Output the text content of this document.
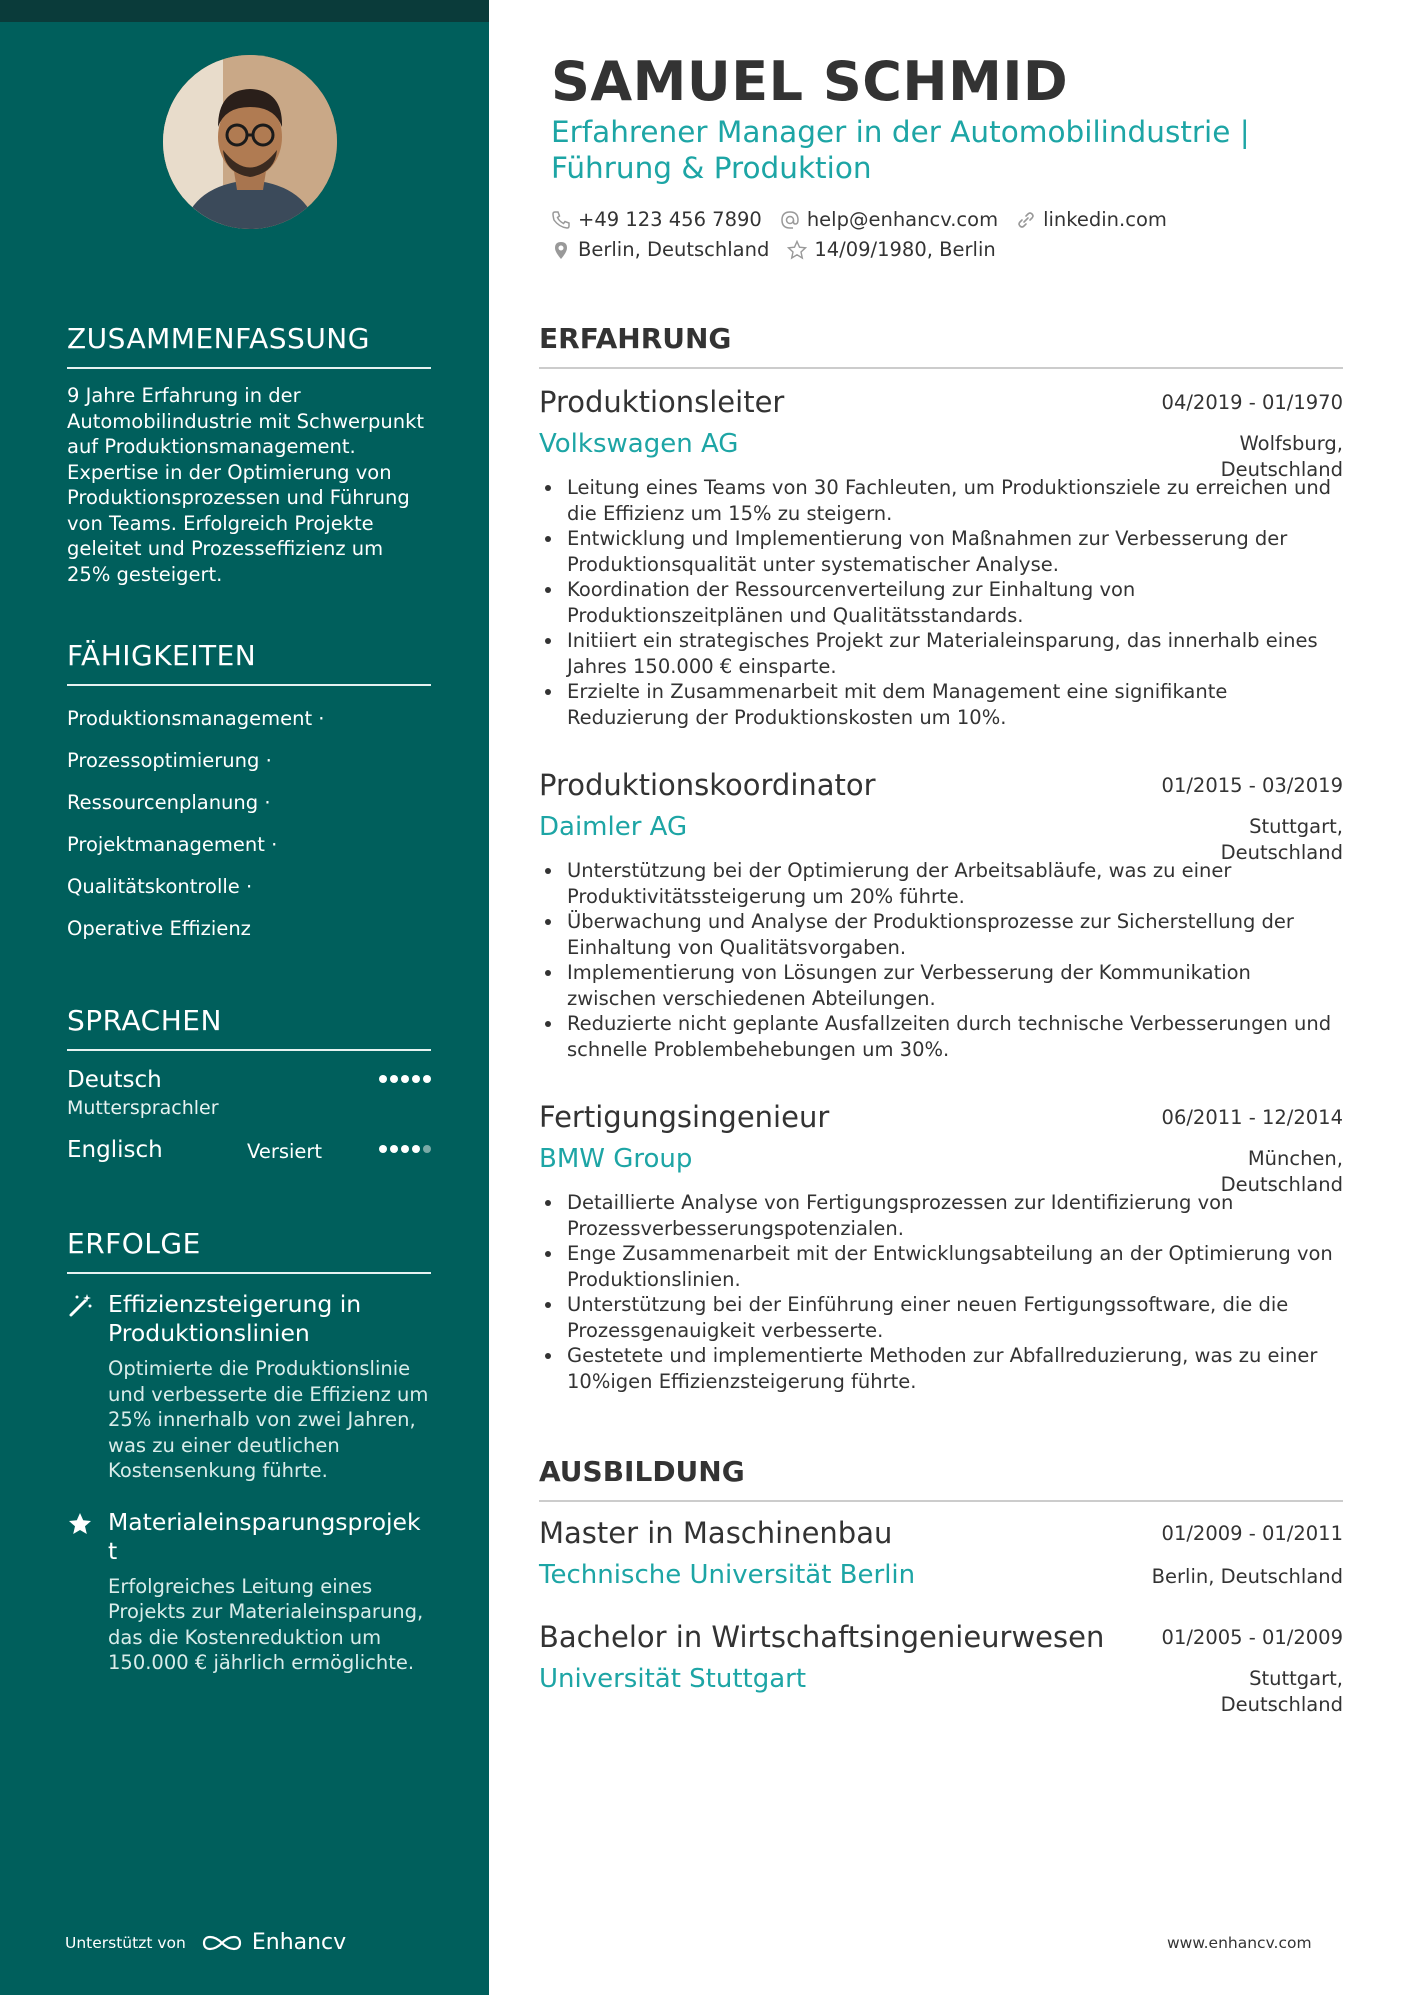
ZUSAMMENFASSUNG

9 Jahre Erfahrung in der Automobilindustrie mit Schwerpunkt auf Produktionsmanagement. Expertise in der Optimierung von Produktionsprozessen und Führung von Teams. Erfolgreich Projekte geleitet und Prozesseffizienz um 25% gesteigert.

FÄHIGKEITEN
Produktionsmanagement ·
Prozessoptimierung ·
Ressourcenplanung ·
Projektmanagement ·
Qualitätskontrolle ·
Operative Effizienz
SPRACHEN
Deutsch
Muttersprachler
Englisch	Versiert
ERFOLGE
Effizienzsteigerung in Produktionslinien
Optimierte die Produktionslinie und verbesserte die Effizienz um 25% innerhalb von zwei Jahren, was zu einer deutlichen Kostensenkung führte.
Materialeinsparungsprojek t
Erfolgreiches Leitung eines Projekts zur Materialeinsparung, das die Kostenreduktion um 150.000 € jährlich ermöglichte.
Unterstützt von	Enhancv
SAMUEL SCHMID
Erfahrener Manager in der Automobilindustrie | Führung & Produktion
+49 123 456 7890 help@enhancv.com linkedin.com
Berlin, Deutschland 14/09/1980, Berlin
ERFAHRUNG
Produktionsleiter	04/2019 - 01/1970
Volkswagen AG	Wolfsburg, Deutschland
Leitung eines Teams von 30 Fachleuten, um Produktionsziele zu erreichen und die Effizienz um 15% zu steigern.
Entwicklung und Implementierung von Maßnahmen zur Verbesserung der Produktionsqualität unter systematischer Analyse.
Koordination der Ressourcenverteilung zur Einhaltung von Produktionszeitplänen und Qualitätsstandards.
Initiiert ein strategisches Projekt zur Materialeinsparung, das innerhalb eines Jahres 150.000 € einsparte.
Erzielte in Zusammenarbeit mit dem Management eine signifikante Reduzierung der Produktionskosten um 10%.
Produktionskoordinator	01/2015 - 03/2019
Daimler AG	Stuttgart, Deutschland
Unterstützung bei der Optimierung der Arbeitsabläufe, was zu einer Produktivitätssteigerung um 20% führte.
Überwachung und Analyse der Produktionsprozesse zur Sicherstellung der Einhaltung von Qualitätsvorgaben.
Implementierung von Lösungen zur Verbesserung der Kommunikation zwischen verschiedenen Abteilungen.
Reduzierte nicht geplante Ausfallzeiten durch technische Verbesserungen und schnelle Problembehebungen um 30%.
Fertigungsingenieur	06/2011 - 12/2014
BMW Group	München, Deutschland
Detaillierte Analyse von Fertigungsprozessen zur Identifizierung von Prozessverbesserungspotenzialen.
Enge Zusammenarbeit mit der Entwicklungsabteilung an der Optimierung von Produktionslinien.
Unterstützung bei der Einführung einer neuen Fertigungssoftware, die die Prozessgenauigkeit verbesserte.
Gestetete und implementierte Methoden zur Abfallreduzierung, was zu einer 10%igen Effizienzsteigerung führte.
AUSBILDUNG
Master in Maschinenbau	01/2009 - 01/2011
Technische Universität Berlin	Berlin, Deutschland
Bachelor in Wirtschaftsingenieurwesen	01/2005 - 01/2009
Universität Stuttgart	Stuttgart, Deutschland
www.enhancv.com
